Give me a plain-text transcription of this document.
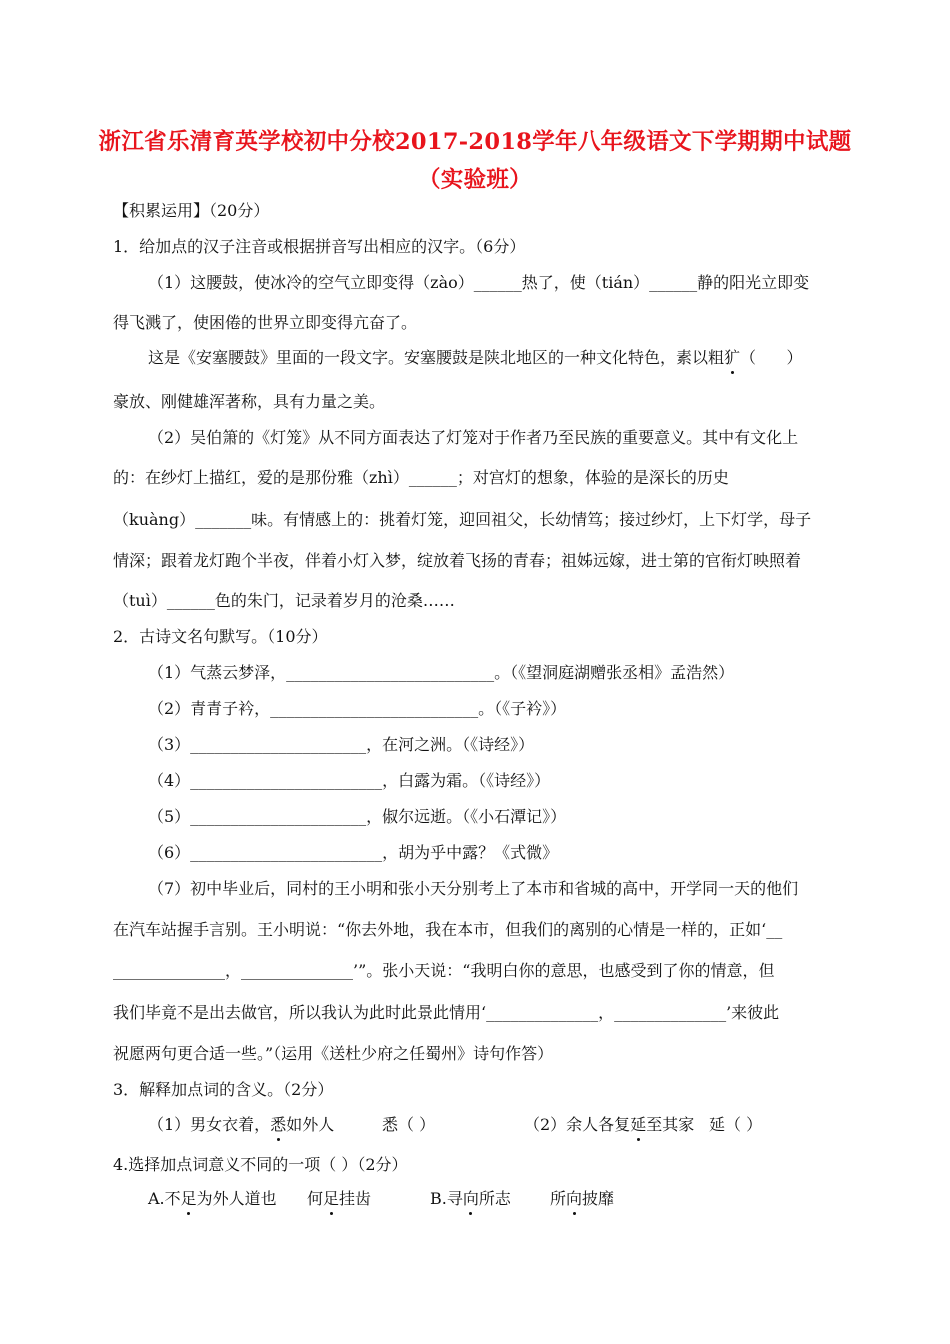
浙江省乐清育英学校初中分校2017-2018学年八年级语文下学期期中试题
（实验班）
【积累运用】（20分）
1．给加点的汉子注音或根据拼音写出相应的汉字。（6分）
（1）这腰鼓，使冰冷的空气立即变得（zào）______热了，使（tián）______静的阳光立即变
得飞溅了，使困倦的世界立即变得亢奋了。
这是《安塞腰鼓》里面的一段文字。安塞腰鼓是陕北地区的一种文化特色，素以粗犷（      ）
豪放、刚健雄浑著称，具有力量之美。
（2）吴伯箫的《灯笼》从不同方面表达了灯笼对于作者乃至民族的重要意义。其中有文化上
的：在纱灯上描红，爱的是那份雅（zhì）______；对宫灯的想象，体验的是深长的历史
（kuàng）_______味。有情感上的：挑着灯笼，迎回祖父，长幼情笃；接过纱灯，上下灯学，母子
情深；跟着龙灯跑个半夜，伴着小灯入梦，绽放着飞扬的青春；祖姊远嫁，进士第的官衔灯映照着
（tuì）______色的朱门，记录着岁月的沧桑……
2．古诗文名句默写。（10分）
（1）气蒸云梦泽，__________________________。（《望洞庭湖赠张丞相》孟浩然）
（2）青青子衿，__________________________。（《子衿》）
（3）______________________，在河之洲。（《诗经》）
（4）________________________，白露为霜。（《诗经》）
（5）______________________，俶尔远逝。（《小石潭记》）
（6）________________________，胡为乎中露？《式微》
（7）初中毕业后，同村的王小明和张小天分别考上了本市和省城的高中，开学同一天的他们
在汽车站握手言别。王小明说：“你去外地，我在本市，但我们的离别的心情是一样的，正如‘__
______________，______________’”。张小天说：“我明白你的意思，也感受到了你的情意，但
我们毕竟不是出去做官，所以我认为此时此景此情用‘______________，______________’来彼此
祝愿两句更合适一些。”（运用《送杜少府之任蜀州》诗句作答）
3．解释加点词的含义。（2分）
（1）男女衣着，悉如外人	悉（ ）	（2）余人各复延至其家 延（ ）
4.选择加点词意义不同的一项（ ）（2分）
A.不足为外人道也 何足挂齿	B.寻向所志 所向披靡
